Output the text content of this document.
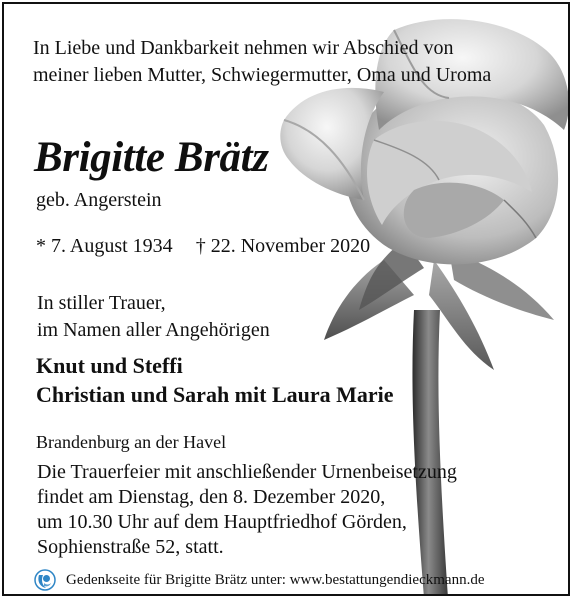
In Liebe und Dankbarkeit nehmen wir Abschied von
meiner lieben Mutter, Schwiegermutter, Oma und Uroma
Brigitte Brätz
geb. Angerstein
* 7. August 1934 † 22. November 2020
In stiller Trauer,
im Namen aller Angehörigen
Knut und Steffi
Christian und Sarah mit Laura Marie
Brandenburg an der Havel
Die Trauerfeier mit anschließender Urnenbeisetzung
findet am Dienstag, den 8. Dezember 2020,
um 10.30 Uhr auf dem Hauptfriedhof Görden,
Sophienstraße 52, statt.
Gedenkseite für Brigitte Brätz unter: www.bestattungendieckmann.de
